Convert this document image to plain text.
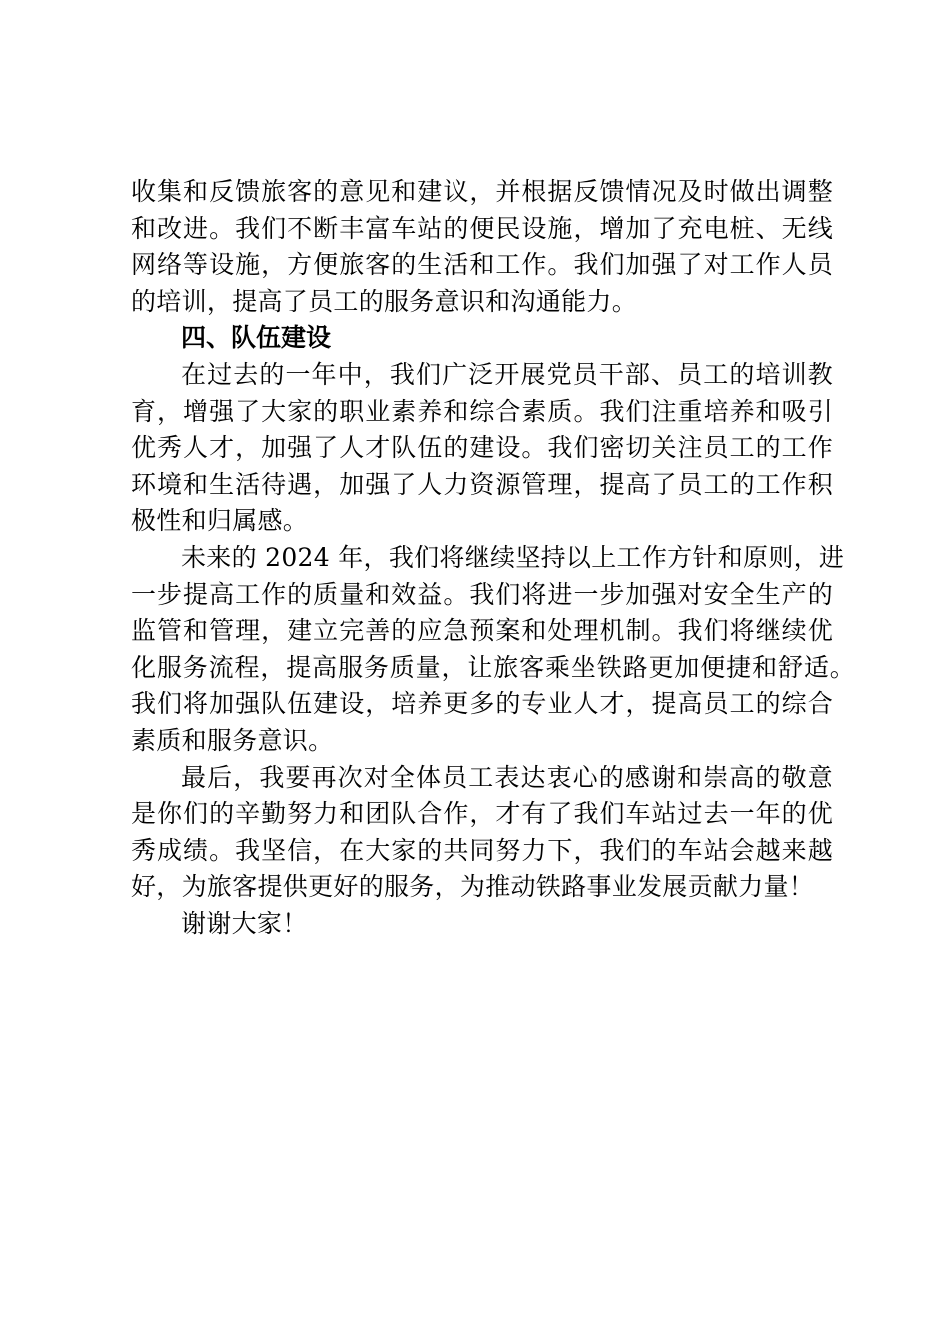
收集和反馈旅客的意见和建议，并根据反馈情况及时做出调整
和改进。我们不断丰富车站的便民设施，增加了充电桩、无线
网络等设施，方便旅客的生活和工作。我们加强了对工作人员
的培训，提高了员工的服务意识和沟通能力。
四、队伍建设
在过去的一年中，我们广泛开展党员干部、员工的培训教
育，增强了大家的职业素养和综合素质。我们注重培养和吸引
优秀人才，加强了人才队伍的建设。我们密切关注员工的工作
环境和生活待遇，加强了人力资源管理，提高了员工的工作积
极性和归属感。
未来的 2024 年，我们将继续坚持以上工作方针和原则，进
一步提高工作的质量和效益。我们将进一步加强对安全生产的
监管和管理，建立完善的应急预案和处理机制。我们将继续优
化服务流程，提高服务质量，让旅客乘坐铁路更加便捷和舒适。
我们将加强队伍建设，培养更多的专业人才，提高员工的综合
素质和服务意识。
最后，我要再次对全体员工表达衷心的感谢和崇高的敬意
是你们的辛勤努力和团队合作，才有了我们车站过去一年的优
秀成绩。我坚信，在大家的共同努力下，我们的车站会越来越
好，为旅客提供更好的服务，为推动铁路事业发展贡献力量！
谢谢大家！
